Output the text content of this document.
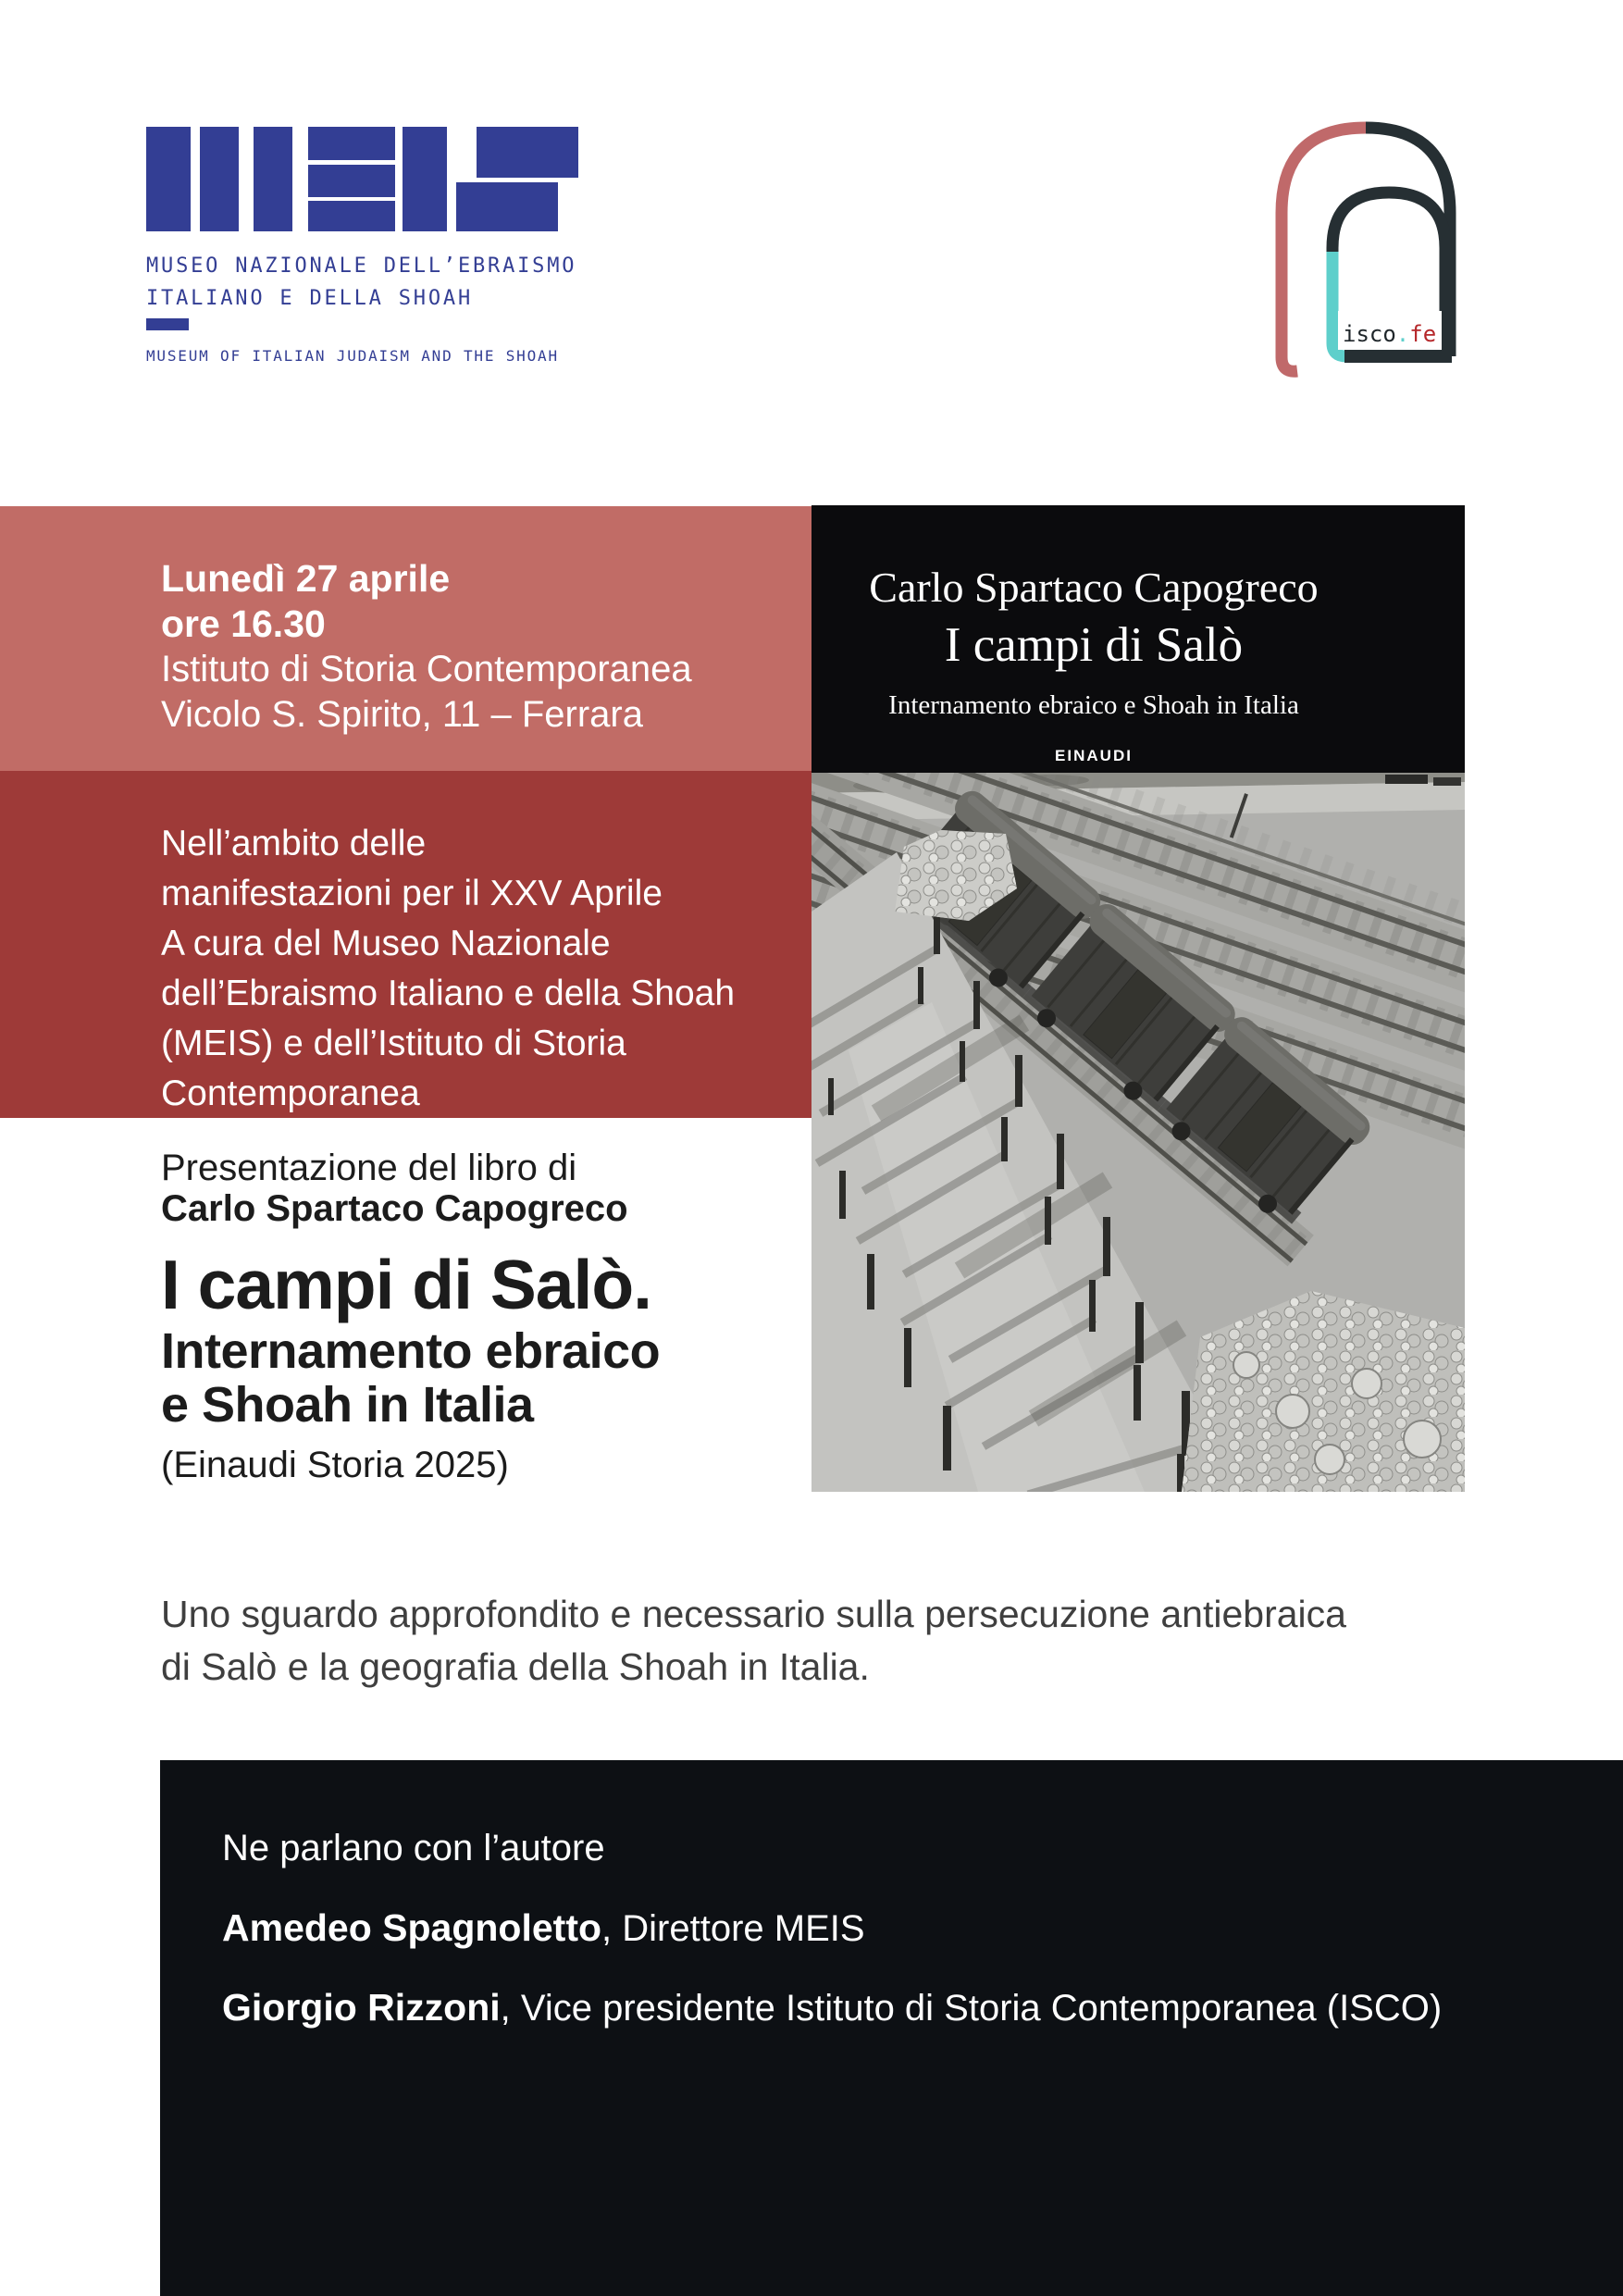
MUSEO NAZIONALE DELL’EBRAISMO
ITALIANO E DELLA SHOAH
MUSEUM OF ITALIAN JUDAISM AND THE SHOAH
isco.fe
Lunedì 27 aprile
ore 16.30
Istituto di Storia Contemporanea
Vicolo S. Spirito, 11 – Ferrara
Nell’ambito delle
manifestazioni per il XXV Aprile
A cura del Museo Nazionale
dell’Ebraismo Italiano e della Shoah
(MEIS) e dell’Istituto di Storia
Contemporanea
Carlo Spartaco Capogreco
I campi di Salò
Internamento ebraico e Shoah in Italia
EINAUDI
Presentazione del libro di
Carlo Spartaco Capogreco
I campi di Salò.
Internamento ebraico
e Shoah in Italia
(Einaudi Storia 2025)
Uno sguardo approfondito e necessario sulla persecuzione antiebraica
di Salò e la geografia della Shoah in Italia.
Ne parlano con l’autore
Amedeo Spagnoletto, Direttore MEIS
Giorgio Rizzoni, Vice presidente Istituto di Storia Contemporanea (ISCO)
